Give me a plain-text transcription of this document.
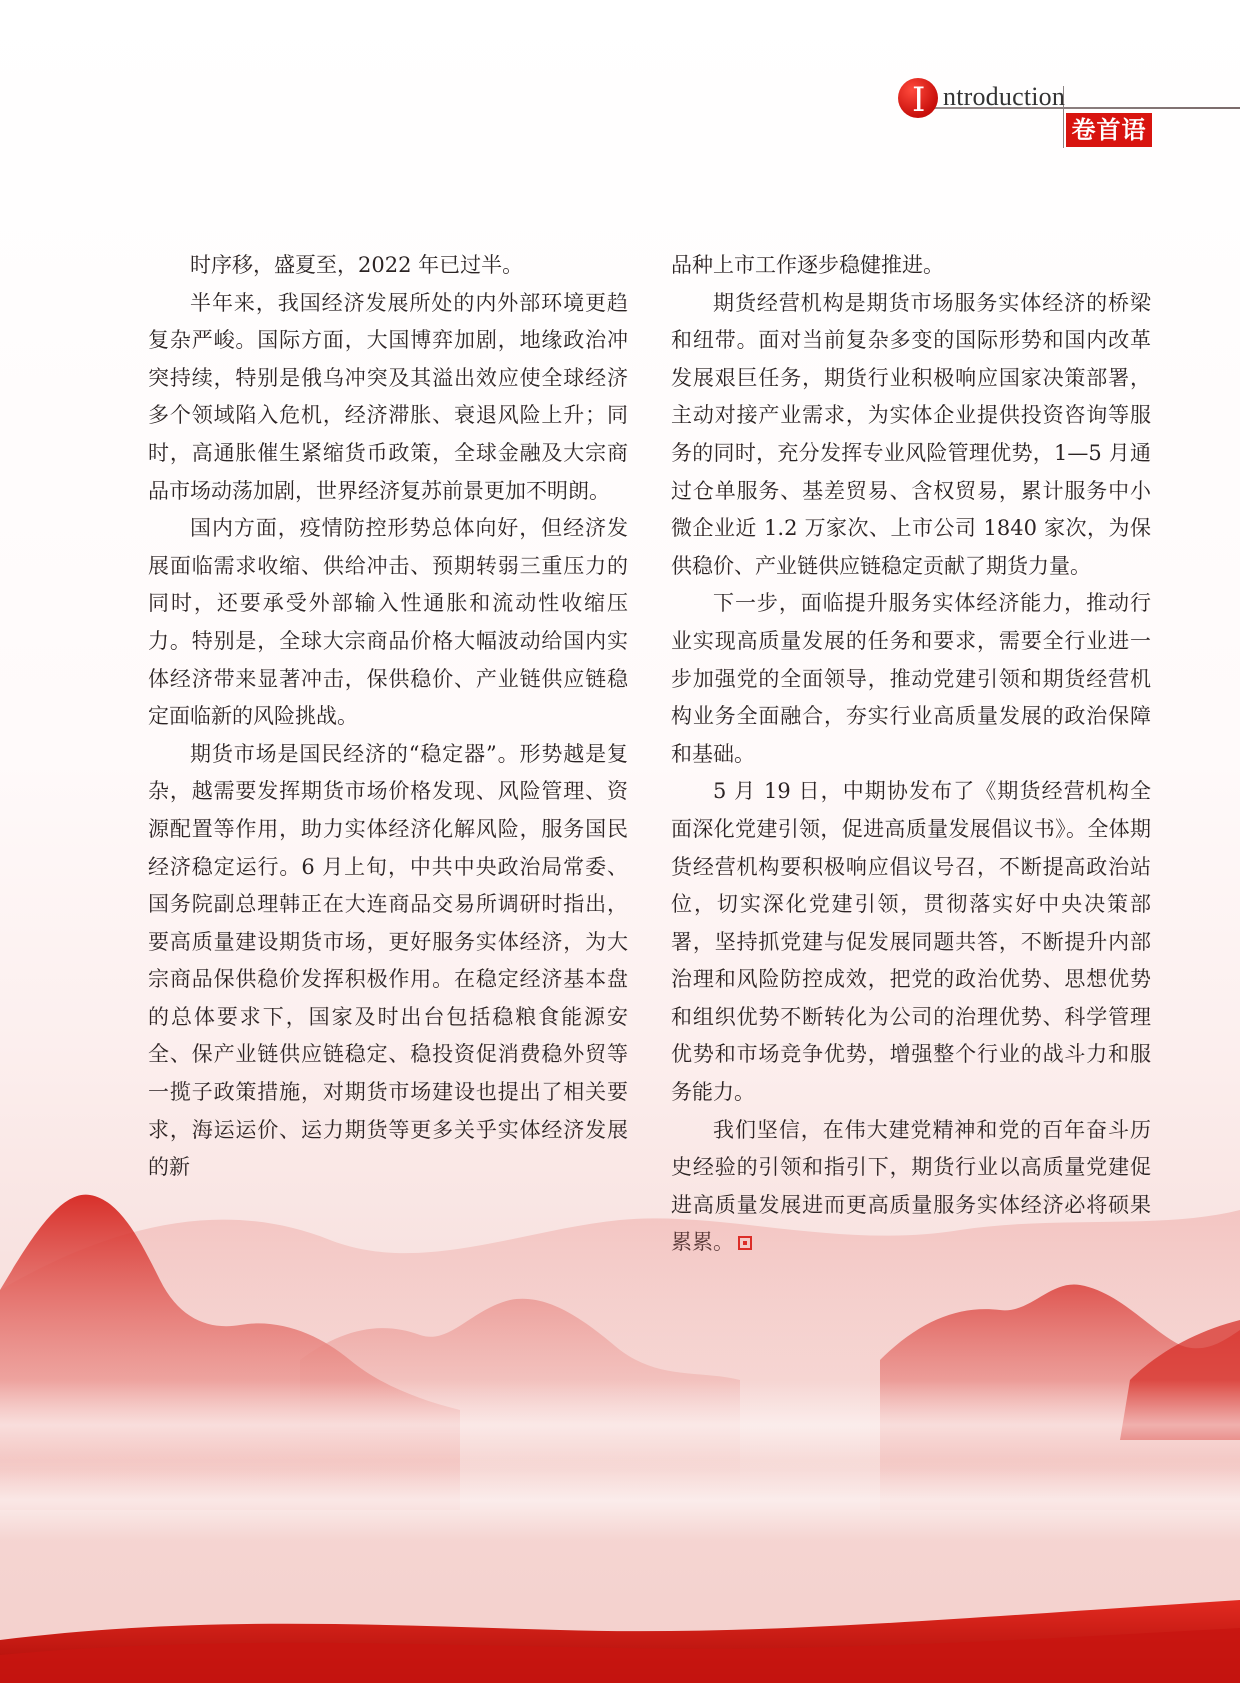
I ntroduction
卷首语

时序移，盛夏至，2022 年已过半。

半年来，我国经济发展所处的内外部环境更趋复杂严峻。国际方面，大国博弈加剧，地缘政治冲突持续，特别是俄乌冲突及其溢出效应使全球经济多个领域陷入危机，经济滞胀、衰退风险上升；同时，高通胀催生紧缩货币政策，全球金融及大宗商品市场动荡加剧，世界经济复苏前景更加不明朗。

国内方面，疫情防控形势总体向好，但经济发展面临需求收缩、供给冲击、预期转弱三重压力的同时，还要承受外部输入性通胀和流动性收缩压力。特别是，全球大宗商品价格大幅波动给国内实体经济带来显著冲击，保供稳价、产业链供应链稳定面临新的风险挑战。

期货市场是国民经济的“稳定器”。形势越是复杂，越需要发挥期货市场价格发现、风险管理、资源配置等作用，助力实体经济化解风险，服务国民经济稳定运行。6 月上旬，中共中央政治局常委、国务院副总理韩正在大连商品交易所调研时指出，要高质量建设期货市场，更好服务实体经济，为大宗商品保供稳价发挥积极作用。在稳定经济基本盘的总体要求下，国家及时出台包括稳粮食能源安全、保产业链供应链稳定、稳投资促消费稳外贸等一揽子政策措施，对期货市场建设也提出了相关要求，海运运价、运力期货等更多关乎实体经济发展的新

品种上市工作逐步稳健推进。

期货经营机构是期货市场服务实体经济的桥梁和纽带。面对当前复杂多变的国际形势和国内改革发展艰巨任务，期货行业积极响应国家决策部署，主动对接产业需求，为实体企业提供投资咨询等服务的同时，充分发挥专业风险管理优势，1—5 月通过仓单服务、基差贸易、含权贸易，累计服务中小微企业近 1.2 万家次、上市公司 1840 家次，为保供稳价、产业链供应链稳定贡献了期货力量。

下一步，面临提升服务实体经济能力，推动行业实现高质量发展的任务和要求，需要全行业进一步加强党的全面领导，推动党建引领和期货经营机构业务全面融合，夯实行业高质量发展的政治保障和基础。

5 月 19 日，中期协发布了《期货经营机构全面深化党建引领，促进高质量发展倡议书》。全体期货经营机构要积极响应倡议号召，不断提高政治站位，切实深化党建引领，贯彻落实好中央决策部署，坚持抓党建与促发展同题共答，不断提升内部治理和风险防控成效，把党的政治优势、思想优势和组织优势不断转化为公司的治理优势、科学管理优势和市场竞争优势，增强整个行业的战斗力和服务能力。

我们坚信，在伟大建党精神和党的百年奋斗历史经验的引领和指引下，期货行业以高质量党建促进高质量发展进而更高质量服务实体经济必将硕果累累。
